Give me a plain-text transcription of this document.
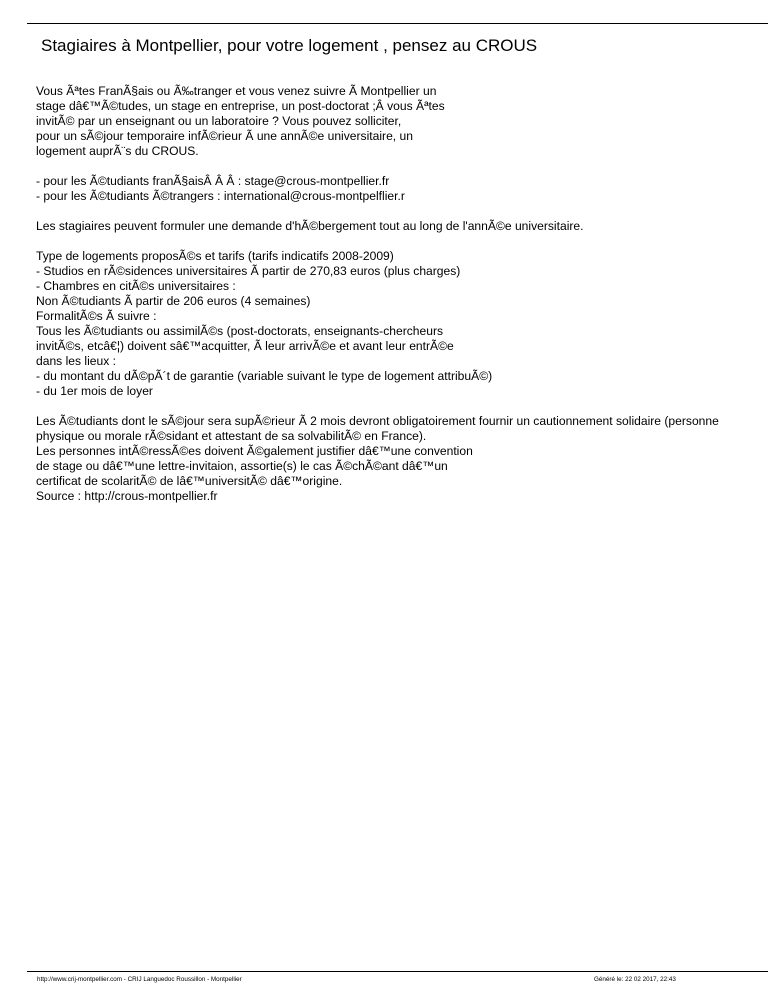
Stagiaires à Montpellier, pour votre logement , pensez au CROUS

Vous Ãªtes FranÃ§ais ou Ã‰tranger et vous venez suivre Ã Montpellier un
stage dâ€™Ã©tudes, un stage en entreprise, un post-doctorat ;Â vous Ãªtes
invitÃ© par un enseignant ou un laboratoire ? Vous pouvez solliciter,
pour un sÃ©jour temporaire infÃ©rieur Ã une annÃ©e universitaire, un
logement auprÃ¨s du CROUS.

- pour les Ã©tudiants franÃ§aisÂ Â Â : stage@crous-montpellier.fr
- pour les Ã©tudiants Ã©trangers : international@crous-montpelflier.r

Les stagiaires peuvent formuler une demande d'hÃ©bergement tout au long de l'annÃ©e universitaire.

Type de logements proposÃ©s et tarifs (tarifs indicatifs 2008-2009)
- Studios en rÃ©sidences universitaires Ã partir de 270,83 euros (plus charges)
- Chambres en citÃ©s universitaires :
Non Ã©tudiants Ã partir de 206 euros (4 semaines)
FormalitÃ©s Ã suivre :
Tous les Ã©tudiants ou assimilÃ©s (post-doctorats, enseignants-chercheurs
invitÃ©s, etcâ€¦) doivent sâ€™acquitter, Ã leur arrivÃ©e et avant leur entrÃ©e
dans les lieux :
- du montant du dÃ©pÃ´t de garantie (variable suivant le type de logement attribuÃ©)
- du 1er mois de loyer

Les Ã©tudiants dont le sÃ©jour sera supÃ©rieur Ã 2 mois devront obligatoirement fournir un cautionnement solidaire (personne
physique ou morale rÃ©sidant et attestant de sa solvabilitÃ© en France).
Les personnes intÃ©ressÃ©es doivent Ã©galement justifier dâ€™une convention
de stage ou dâ€™une lettre-invitaion, assortie(s) le cas Ã©chÃ©ant dâ€™un
certificat de scolaritÃ© de lâ€™universitÃ© dâ€™origine.
Source : http://crous-montpellier.fr

http://www.crij-montpellier.com - CRIJ Languedoc Roussillon - Montpellier	Généré le: 22 02 2017, 22:43
